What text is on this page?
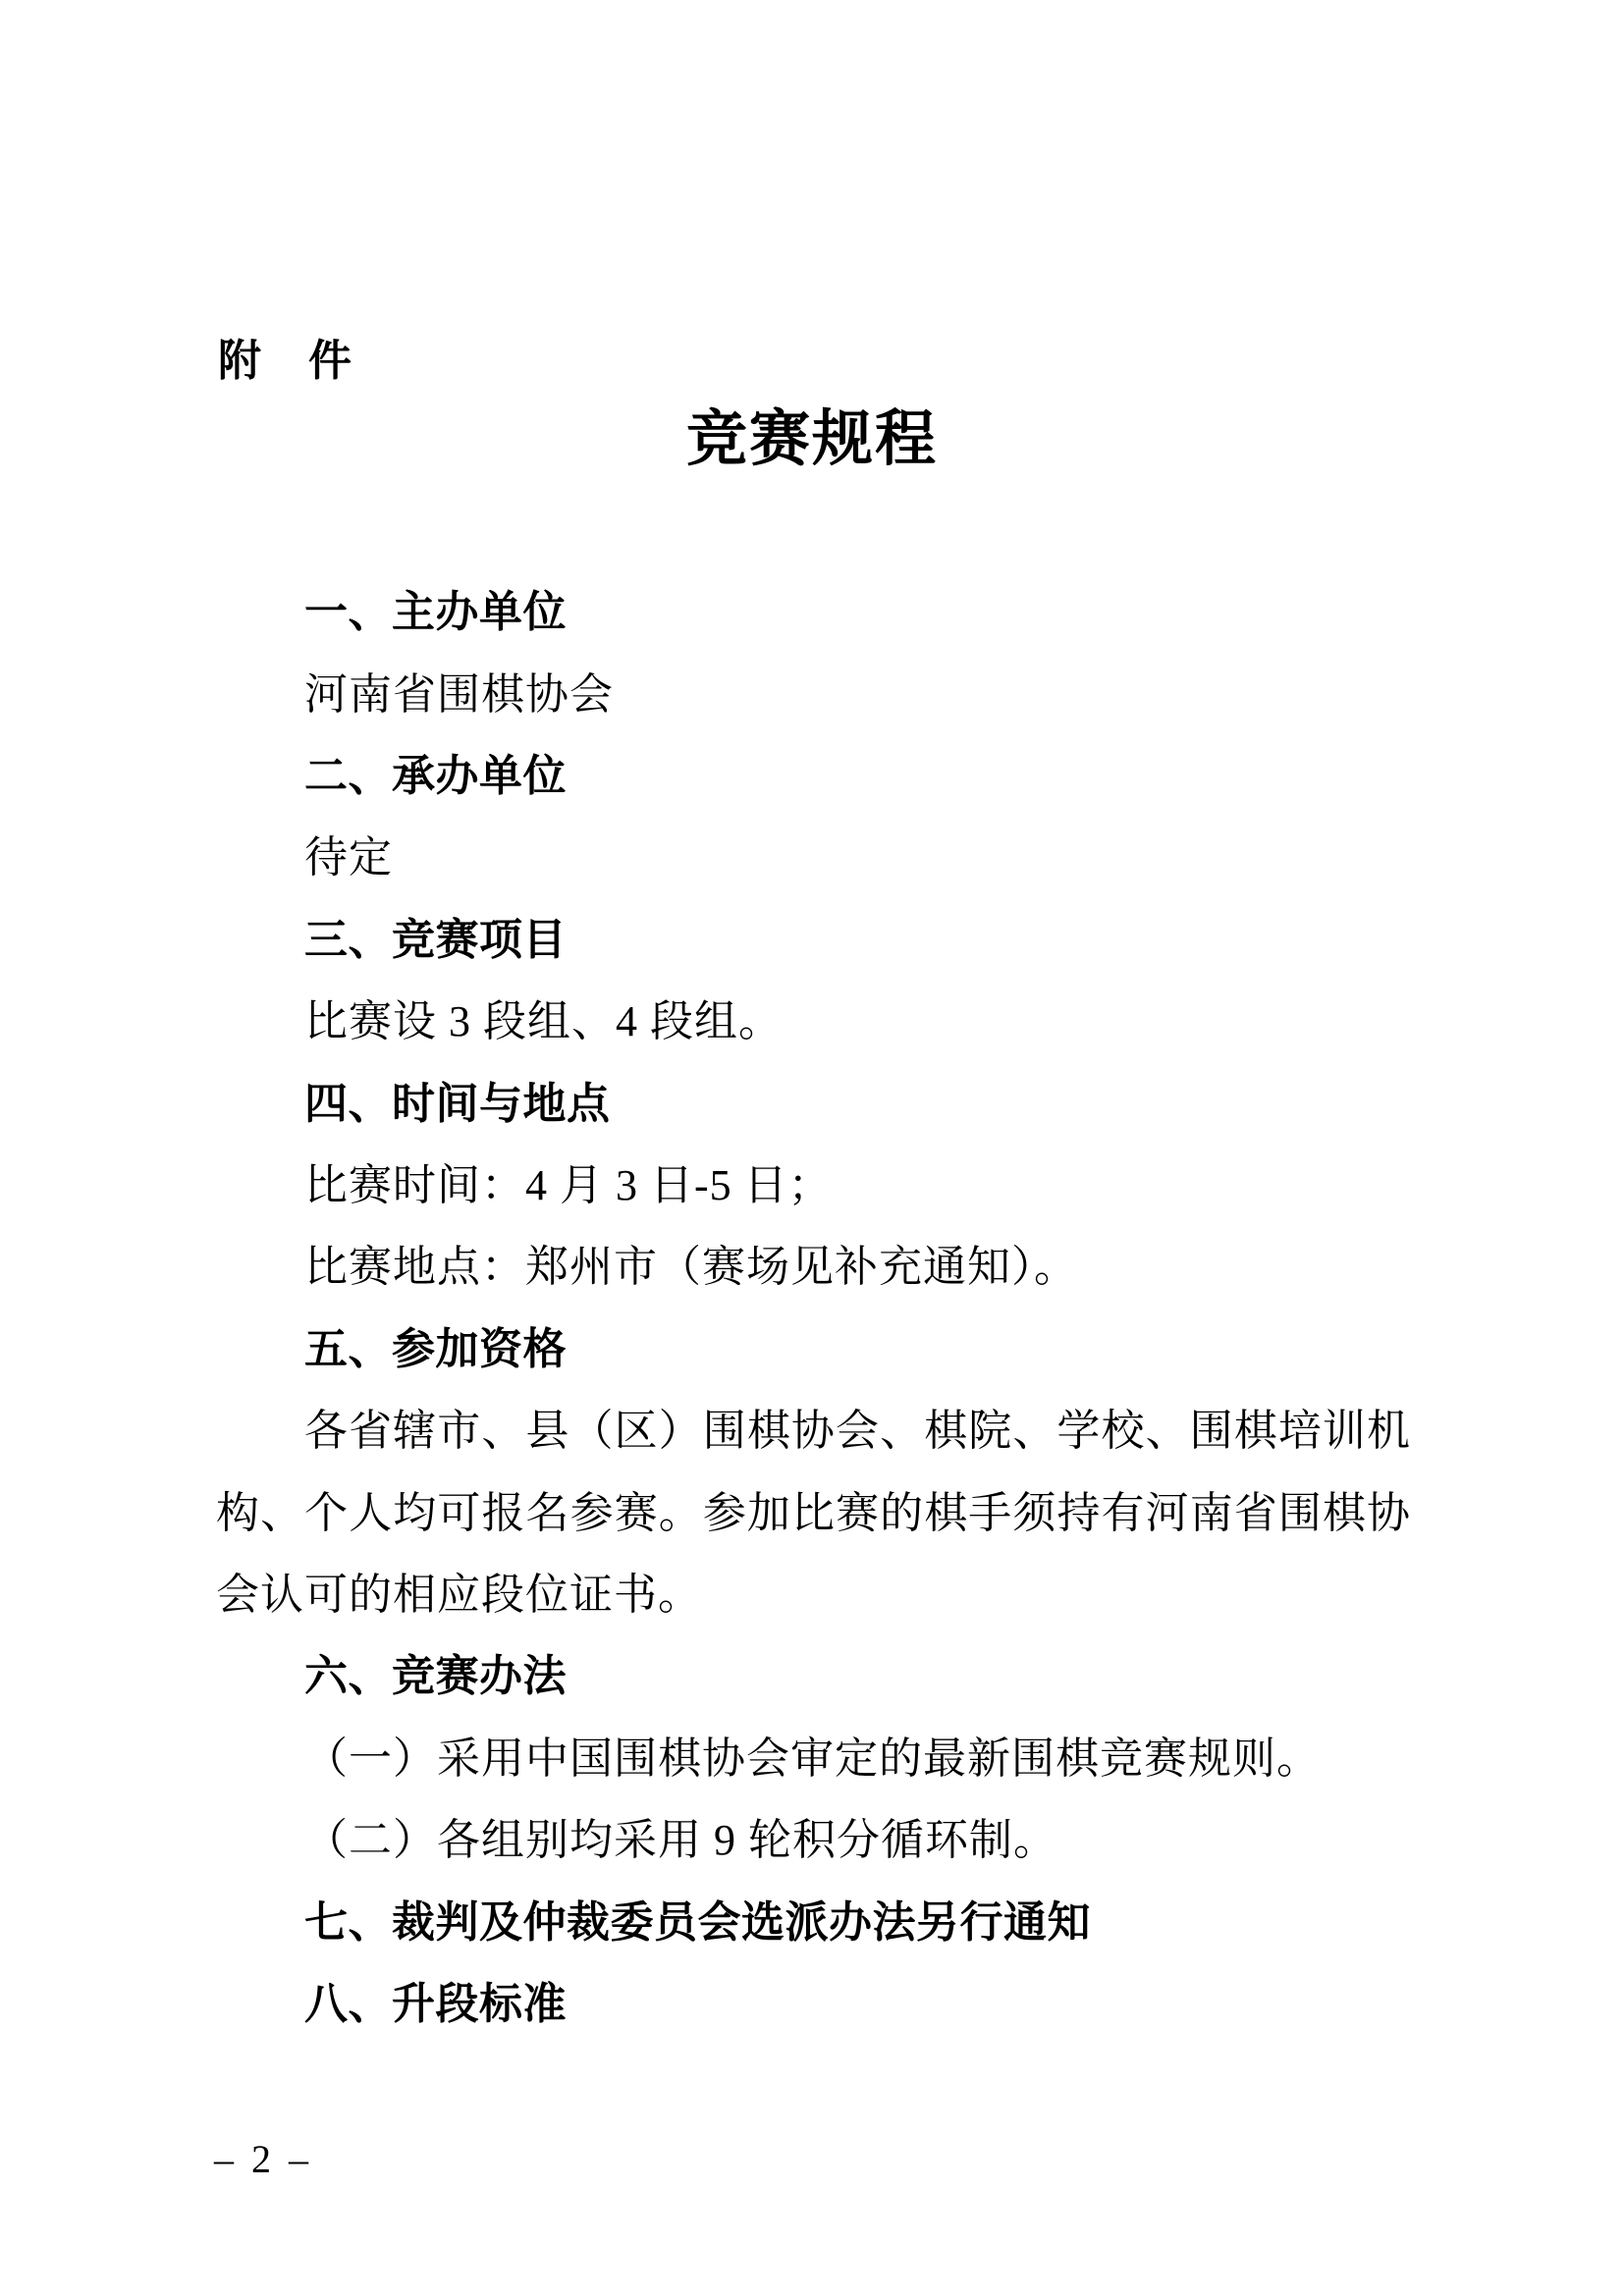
附　件
竞赛规程
一、主办单位
河南省围棋协会
二、承办单位
待定
三、竞赛项目
比赛设 3 段组、4 段组。
四、时间与地点
比赛时间：4 月 3 日-5 日；
比赛地点：郑州市（赛场见补充通知）。
五、参加资格
各省辖市、县（区）围棋协会、棋院、学校、围棋培训机
构、个人均可报名参赛。参加比赛的棋手须持有河南省围棋协
会认可的相应段位证书。
六、竞赛办法
（一）采用中国围棋协会审定的最新围棋竞赛规则。
（二）各组别均采用 9 轮积分循环制。
七、裁判及仲裁委员会选派办法另行通知
八、升段标准
– 2 –
